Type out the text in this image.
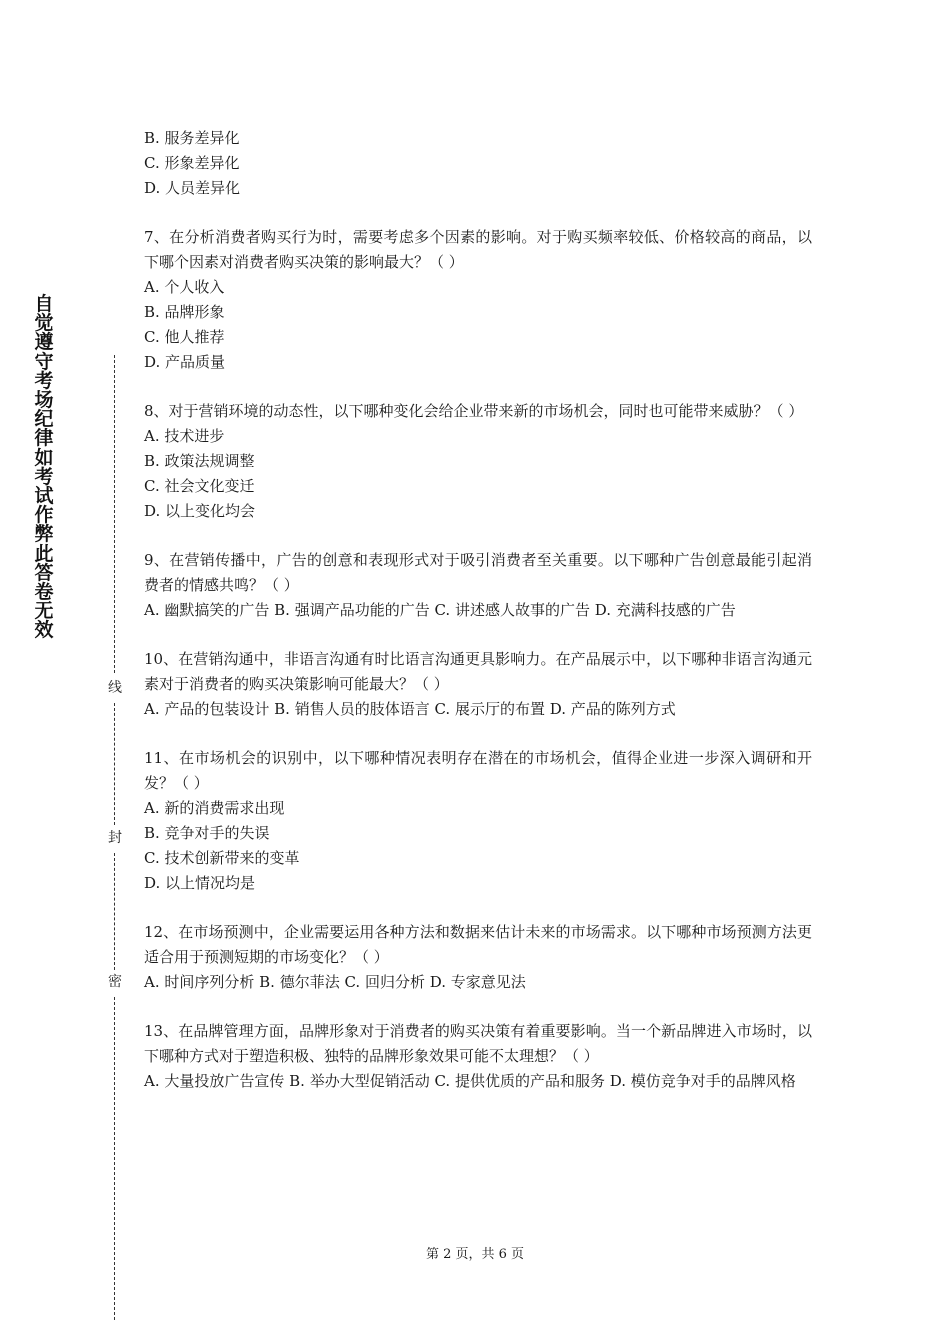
自觉遵守考场纪律如考试作弊此答卷无效
线
封
密
B. 服务差异化
C. 形象差异化
D. 人员差异化
7、在分析消费者购买行为时，需要考虑多个因素的影响。对于购买频率较低、价格较高的商品，以下哪个因素对消费者购买决策的影响最大？（ ）
A. 个人收入
B. 品牌形象
C. 他人推荐
D. 产品质量
8、对于营销环境的动态性，以下哪种变化会给企业带来新的市场机会，同时也可能带来威胁？（ ）
A. 技术进步
B. 政策法规调整
C. 社会文化变迁
D. 以上变化均会
9、在营销传播中，广告的创意和表现形式对于吸引消费者至关重要。以下哪种广告创意最能引起消费者的情感共鸣？（ ）
A. 幽默搞笑的广告 B. 强调产品功能的广告 C. 讲述感人故事的广告 D. 充满科技感的广告
10、在营销沟通中，非语言沟通有时比语言沟通更具影响力。在产品展示中，以下哪种非语言沟通元素对于消费者的购买决策影响可能最大？（ ）
A. 产品的包装设计 B. 销售人员的肢体语言 C. 展示厅的布置 D. 产品的陈列方式
11、在市场机会的识别中，以下哪种情况表明存在潜在的市场机会，值得企业进一步深入调研和开发？（ ）
A. 新的消费需求出现
B. 竞争对手的失误
C. 技术创新带来的变革
D. 以上情况均是
12、在市场预测中，企业需要运用各种方法和数据来估计未来的市场需求。以下哪种市场预测方法更适合用于预测短期的市场变化？（ ）
A. 时间序列分析 B. 德尔菲法 C. 回归分析 D. 专家意见法
13、在品牌管理方面，品牌形象对于消费者的购买决策有着重要影响。当一个新品牌进入市场时，以下哪种方式对于塑造积极、独特的品牌形象效果可能不太理想？（ ）
A. 大量投放广告宣传 B. 举办大型促销活动 C. 提供优质的产品和服务 D. 模仿竞争对手的品牌风格
第 2 页，共 6 页
